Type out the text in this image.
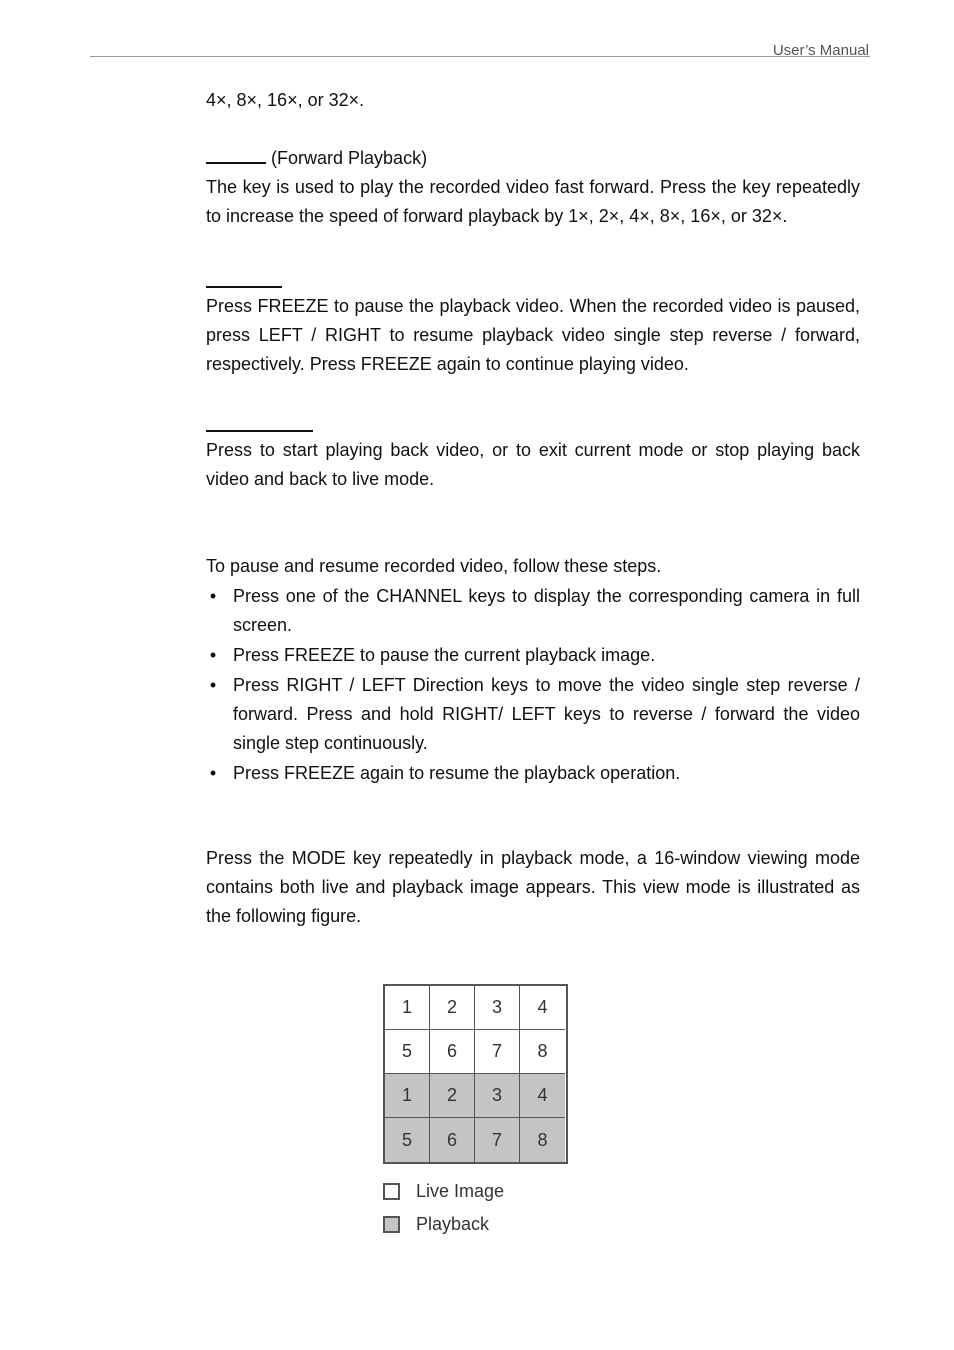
User’s Manual

4×, 8×, 16×, or 32×.

(Forward Playback)

The key is used to play the recorded video fast forward. Press the key repeatedly to increase the speed of forward playback by 1×, 2×, 4×, 8×, 16×, or 32×.

Press FREEZE to pause the playback video. When the recorded video is paused, press LEFT / RIGHT to resume playback video single step reverse / forward, respectively. Press FREEZE again to continue playing video.

Press to start playing back video, or to exit current mode or stop playing back video and back to live mode.

To pause and resume recorded video, follow these steps.

• Press one of the CHANNEL keys to display the corresponding camera in full screen.
• Press FREEZE to pause the current playback image.
• Press RIGHT / LEFT Direction keys to move the video single step reverse / forward. Press and hold RIGHT/ LEFT keys to reverse / forward the video single step continuously.
• Press FREEZE again to resume the playback operation.

Press the MODE key repeatedly in playback mode, a 16-window viewing mode contains both live and playback image appears. This view mode is illustrated as the following figure.

1	2	3	4
5	6	7	8
1	2	3	4
5	6	7	8
Live Image
Playback
